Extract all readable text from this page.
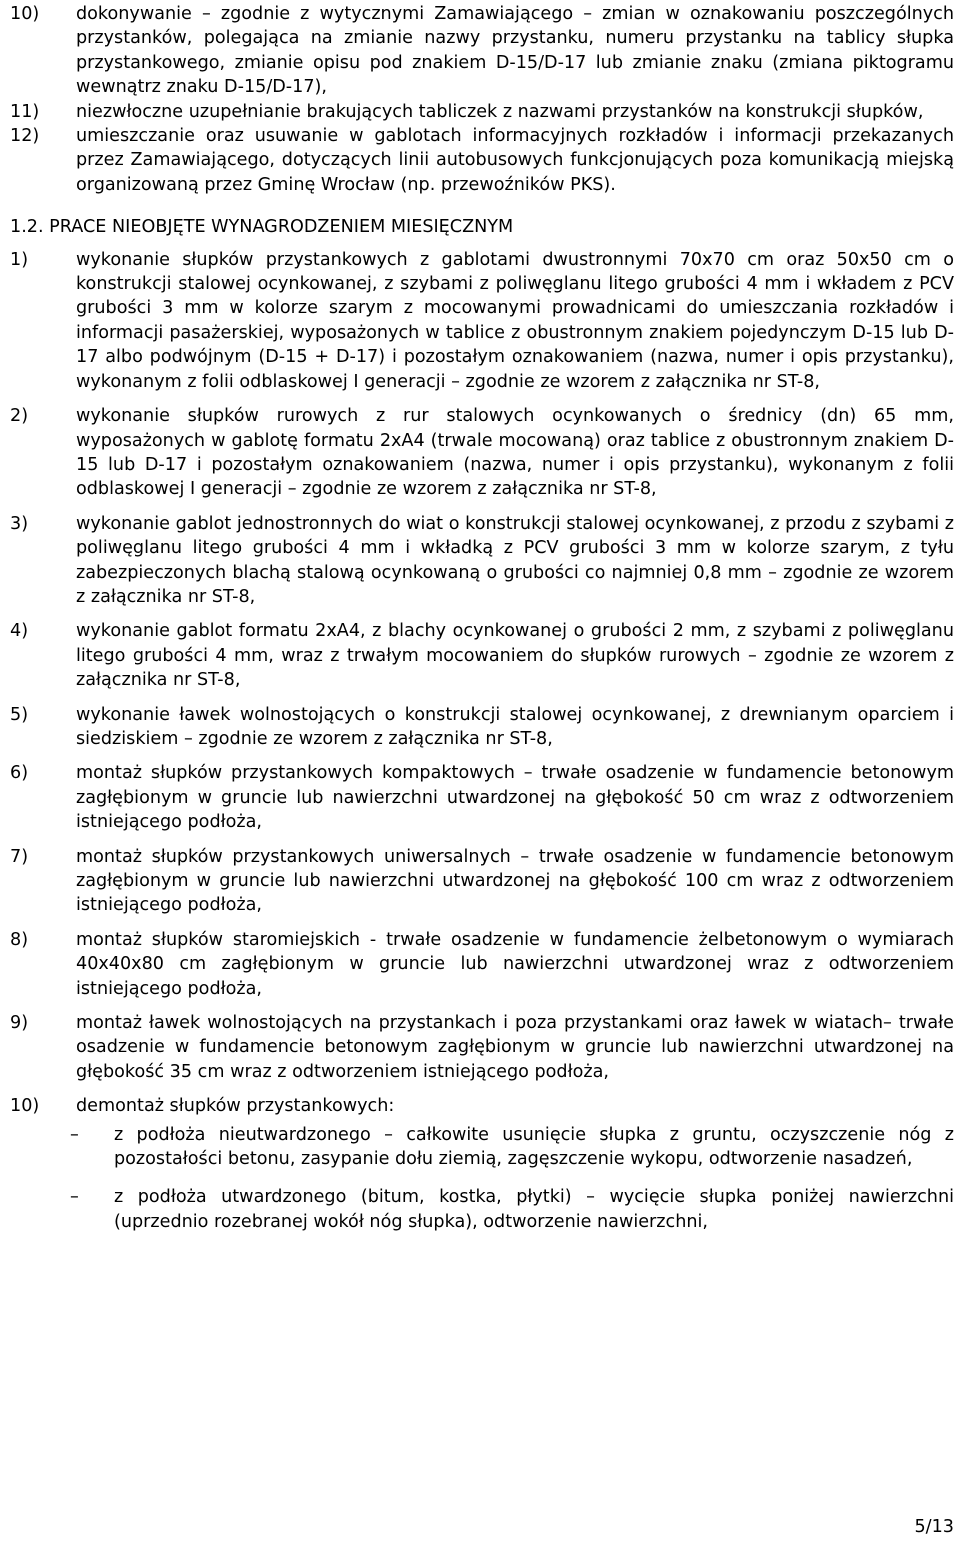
10)	dokonywanie – zgodnie z wytycznymi Zamawiającego – zmian w oznakowaniu poszczególnych przystanków, polegająca na zmianie nazwy przystanku, numeru przystanku na tablicy słupka przystankowego, zmianie opisu pod znakiem D-15/D-17 lub zmianie znaku (zmiana piktogramu wewnątrz znaku D-15/D-17),
11)	niezwłoczne uzupełnianie brakujących tabliczek z nazwami przystanków na konstrukcji słupków,
12)	umieszczanie oraz usuwanie w gablotach informacyjnych rozkładów i informacji przekazanych przez Zamawiającego, dotyczących linii autobusowych funkcjonujących poza komunikacją miejską organizowaną przez Gminę Wrocław (np. przewoźników PKS).
1.2. PRACE NIEOBJĘTE WYNAGRODZENIEM MIESIĘCZNYM
1)	wykonanie słupków przystankowych z gablotami dwustronnymi 70x70 cm oraz 50x50 cm o konstrukcji stalowej ocynkowanej, z szybami z poliwęglanu litego grubości 4 mm i wkładem z PCV grubości 3 mm w kolorze szarym z mocowanymi prowadnicami do umieszczania rozkładów i informacji pasażerskiej, wyposażonych w tablice z obustronnym znakiem pojedynczym D-15 lub D-17 albo podwójnym (D-15 + D-17) i pozostałym oznakowaniem (nazwa, numer i opis przystanku), wykonanym z folii odblaskowej I generacji – zgodnie ze wzorem z załącznika nr ST-8,
2)	wykonanie słupków rurowych z rur stalowych ocynkowanych o średnicy (dn) 65 mm, wyposażonych w gablotę formatu 2xA4 (trwale mocowaną) oraz tablice z obustronnym znakiem D-15 lub D-17 i pozostałym oznakowaniem (nazwa, numer i opis przystanku), wykonanym z folii odblaskowej I generacji – zgodnie ze wzorem z załącznika nr ST-8,
3)	wykonanie gablot jednostronnych do wiat o konstrukcji stalowej ocynkowanej, z przodu z szybami z poliwęglanu litego grubości 4 mm i wkładką z PCV grubości 3 mm w kolorze szarym, z tyłu zabezpieczonych blachą stalową ocynkowaną o grubości co najmniej 0,8 mm – zgodnie ze wzorem z załącznika nr ST-8,
4)	wykonanie gablot formatu 2xA4, z blachy ocynkowanej o grubości 2 mm, z szybami z poliwęglanu litego grubości 4 mm, wraz z trwałym mocowaniem do słupków rurowych – zgodnie ze wzorem z załącznika nr ST-8,
5)	wykonanie ławek wolnostojących o konstrukcji stalowej ocynkowanej, z drewnianym oparciem i siedziskiem – zgodnie ze wzorem z załącznika nr ST-8,
6)	montaż słupków przystankowych kompaktowych – trwałe osadzenie w fundamencie betonowym zagłębionym w gruncie lub nawierzchni utwardzonej na głębokość 50 cm wraz z odtworzeniem istniejącego podłoża,
7)	montaż słupków przystankowych uniwersalnych – trwałe osadzenie w fundamencie betonowym zagłębionym w gruncie lub nawierzchni utwardzonej na głębokość 100 cm wraz z odtworzeniem istniejącego podłoża,
8)	montaż słupków staromiejskich - trwałe osadzenie w fundamencie żelbetonowym o wymiarach 40x40x80 cm zagłębionym w gruncie lub nawierzchni utwardzonej wraz z odtworzeniem istniejącego podłoża,
9)	montaż ławek wolnostojących na przystankach i poza przystankami oraz ławek w wiatach– trwałe osadzenie w fundamencie betonowym zagłębionym w gruncie lub nawierzchni utwardzonej na głębokość 35 cm wraz z odtworzeniem istniejącego podłoża,
10)	demontaż słupków przystankowych:
–	z podłoża nieutwardzonego – całkowite usunięcie słupka z gruntu, oczyszczenie nóg z pozostałości betonu, zasypanie dołu ziemią, zagęszczenie wykopu, odtworzenie nasadzeń,
–	z podłoża utwardzonego (bitum, kostka, płytki) – wycięcie słupka poniżej nawierzchni (uprzednio rozebranej wokół nóg słupka), odtworzenie nawierzchni,
5/13
